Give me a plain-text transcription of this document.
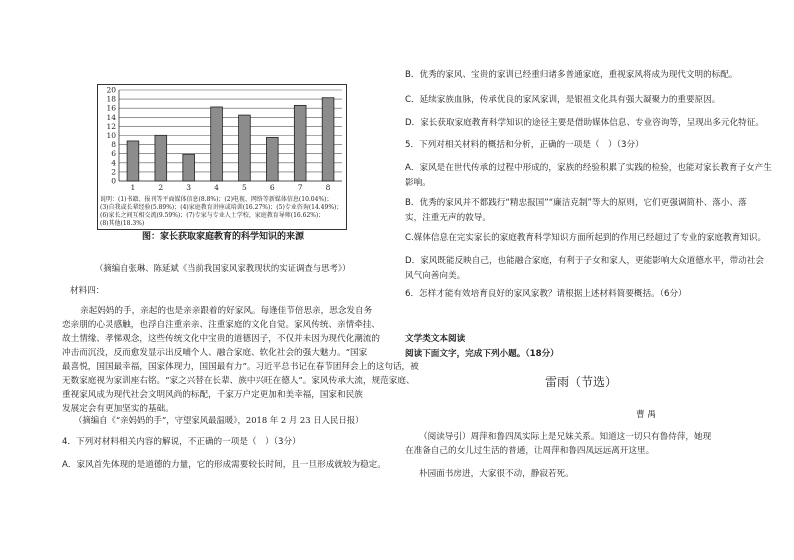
0
2
4
6
8
10
12
14
16
18
20
1	2	3	4	5	6	7	8
说明：(1)书籍、报刊等平面媒体信息(8.8%)；(2)电视、网络等新媒体信息(10.04%)；
(3)自我或长辈经验(5.89%)；(4)家庭教育讲座或培训(16.27%)；(5)专业咨询(14.49%)；
(6)家长之间互相交流(9.59%)；(7)专家与专业人士学校、家庭教育导师(16.62%)；
(8)其他(18.3%)
图：家长获取家庭教育的科学知识的来源
（摘编自张琳、陈延斌《当前我国家风家教现状的实证调查与思考》）
材料四：

亲起妈妈的手，亲起的也是亲亲跟着的好家风。每逢佳节倍思亲，思念发自务

恋亲朋的心灵感触，也浮自注重亲亲、注重家庭的文化自觉。家风传统、亲情牵挂、

故土情缘、孝悌观念，这些传统文化中宝贵的道德因子，不仅并未因为现代化潮流的

冲击而沉没，反而愈发显示出反哺个人、融合家庭、软化社会的强大魅力。“国家

最喜悦，国国最幸福，国家体现力，国国最有力”。习近平总书记在春节团拜会上的这句话，被

无数家庭视为家训座右铭。“家之兴替在长辈、族中兴旺在德人”。家风传承大流，规范家庭、

重视家风成为现代社会文明风尚的标配，千家万户定更加和美幸福，国家和民族

发展定会有更加坚实的基础。

（摘编自《“亲妈妈的手”，守望家风最温暖》，2018 年 2 月 23 日人民日报）
4．下列对材料相关内容的解说，不正确的一项是（　）（3分）
A．家风首先体现的是道德的力量，它的形成需要较长时间，且一旦形成就较为稳定。
B．优秀的家风、宝贵的家训已经重归诸多普通家庭，重视家风将成为现代文明的标配。
C．延续家族血脉，传承优良的家风家训，是银祖文化具有强大凝聚力的重要原因。
D．家长获取家庭教育科学知识的途径主要是借助媒体信息、专业咨询等，呈现出多元化特征。
5．下列对相关材料的概括和分析，正确的一项是（　）（3分）
A．家风是在世代传承的过程中形成的，家族的经验积累了实践的检验，也能对家长教育子女产生
影响。
B．优秀的家风并不都践行“精忠报国”“廉洁克制”等大的原则，它们更强调简朴、落小、落
实，注重无声的敦导。
C.媒体信息在完实家长的家庭教育科学知识方面所起到的作用已经超过了专业的家庭教育知识。
D．家风既能反映自己，也能融合家庭，有利于子女和家人，更能影响大众道德水平，带动社会
风气向善向美。
6．怎样才能有效培育良好的家风家教？请根据上述材料简要概括。（6分）
文学类文本阅读
阅读下面文字，完成下列小题。（18分）
雷雨（节选）
曹 禺

（阅读导引）周萍和鲁四凤实际上是兄妹关系。知道这一切只有鲁侍萍，她现

在准备自己的女儿过生活的普通，让周萍和鲁四凤远远离开这里。

朴园面书房进，大家很不动，静寂若死。
